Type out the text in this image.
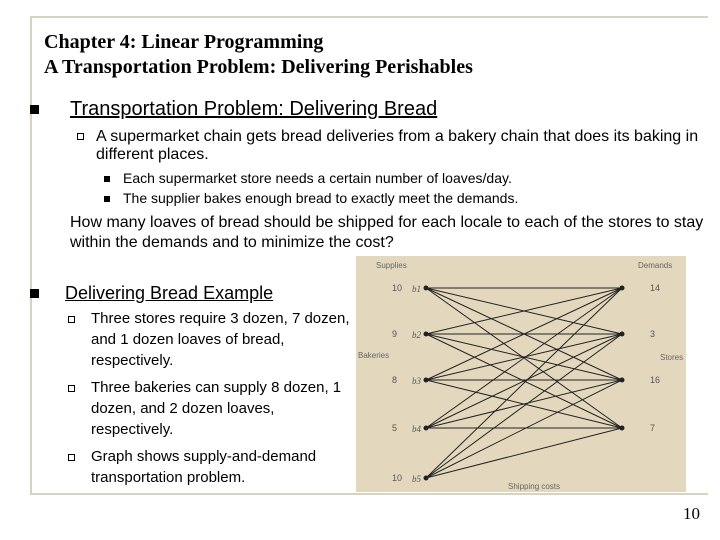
Chapter 4: Linear Programming
A Transportation Problem: Delivering Perishables
Transportation Problem: Delivering Bread
A supermarket chain gets bread deliveries from a bakery chain that does its baking in different places.
Each supermarket store needs a certain number of loaves/day.
The supplier bakes enough bread to exactly meet the demands.
How many loaves of bread should be shipped for each locale to each of the stores to stay within the demands and to minimize the cost?
Delivering Bread Example
Three stores require 3 dozen, 7 dozen, and 1 dozen loaves of bread, respectively.
Three bakeries can supply 8 dozen, 1 dozen, and 2 dozen loaves, respectively.
Graph shows supply-and-demand transportation problem.
10 b1
9 b2
8 b3
5 b4
10 b5
14
3
16
7
Supplies	Demands
Bakeries	Stores
Shipping costs
10
